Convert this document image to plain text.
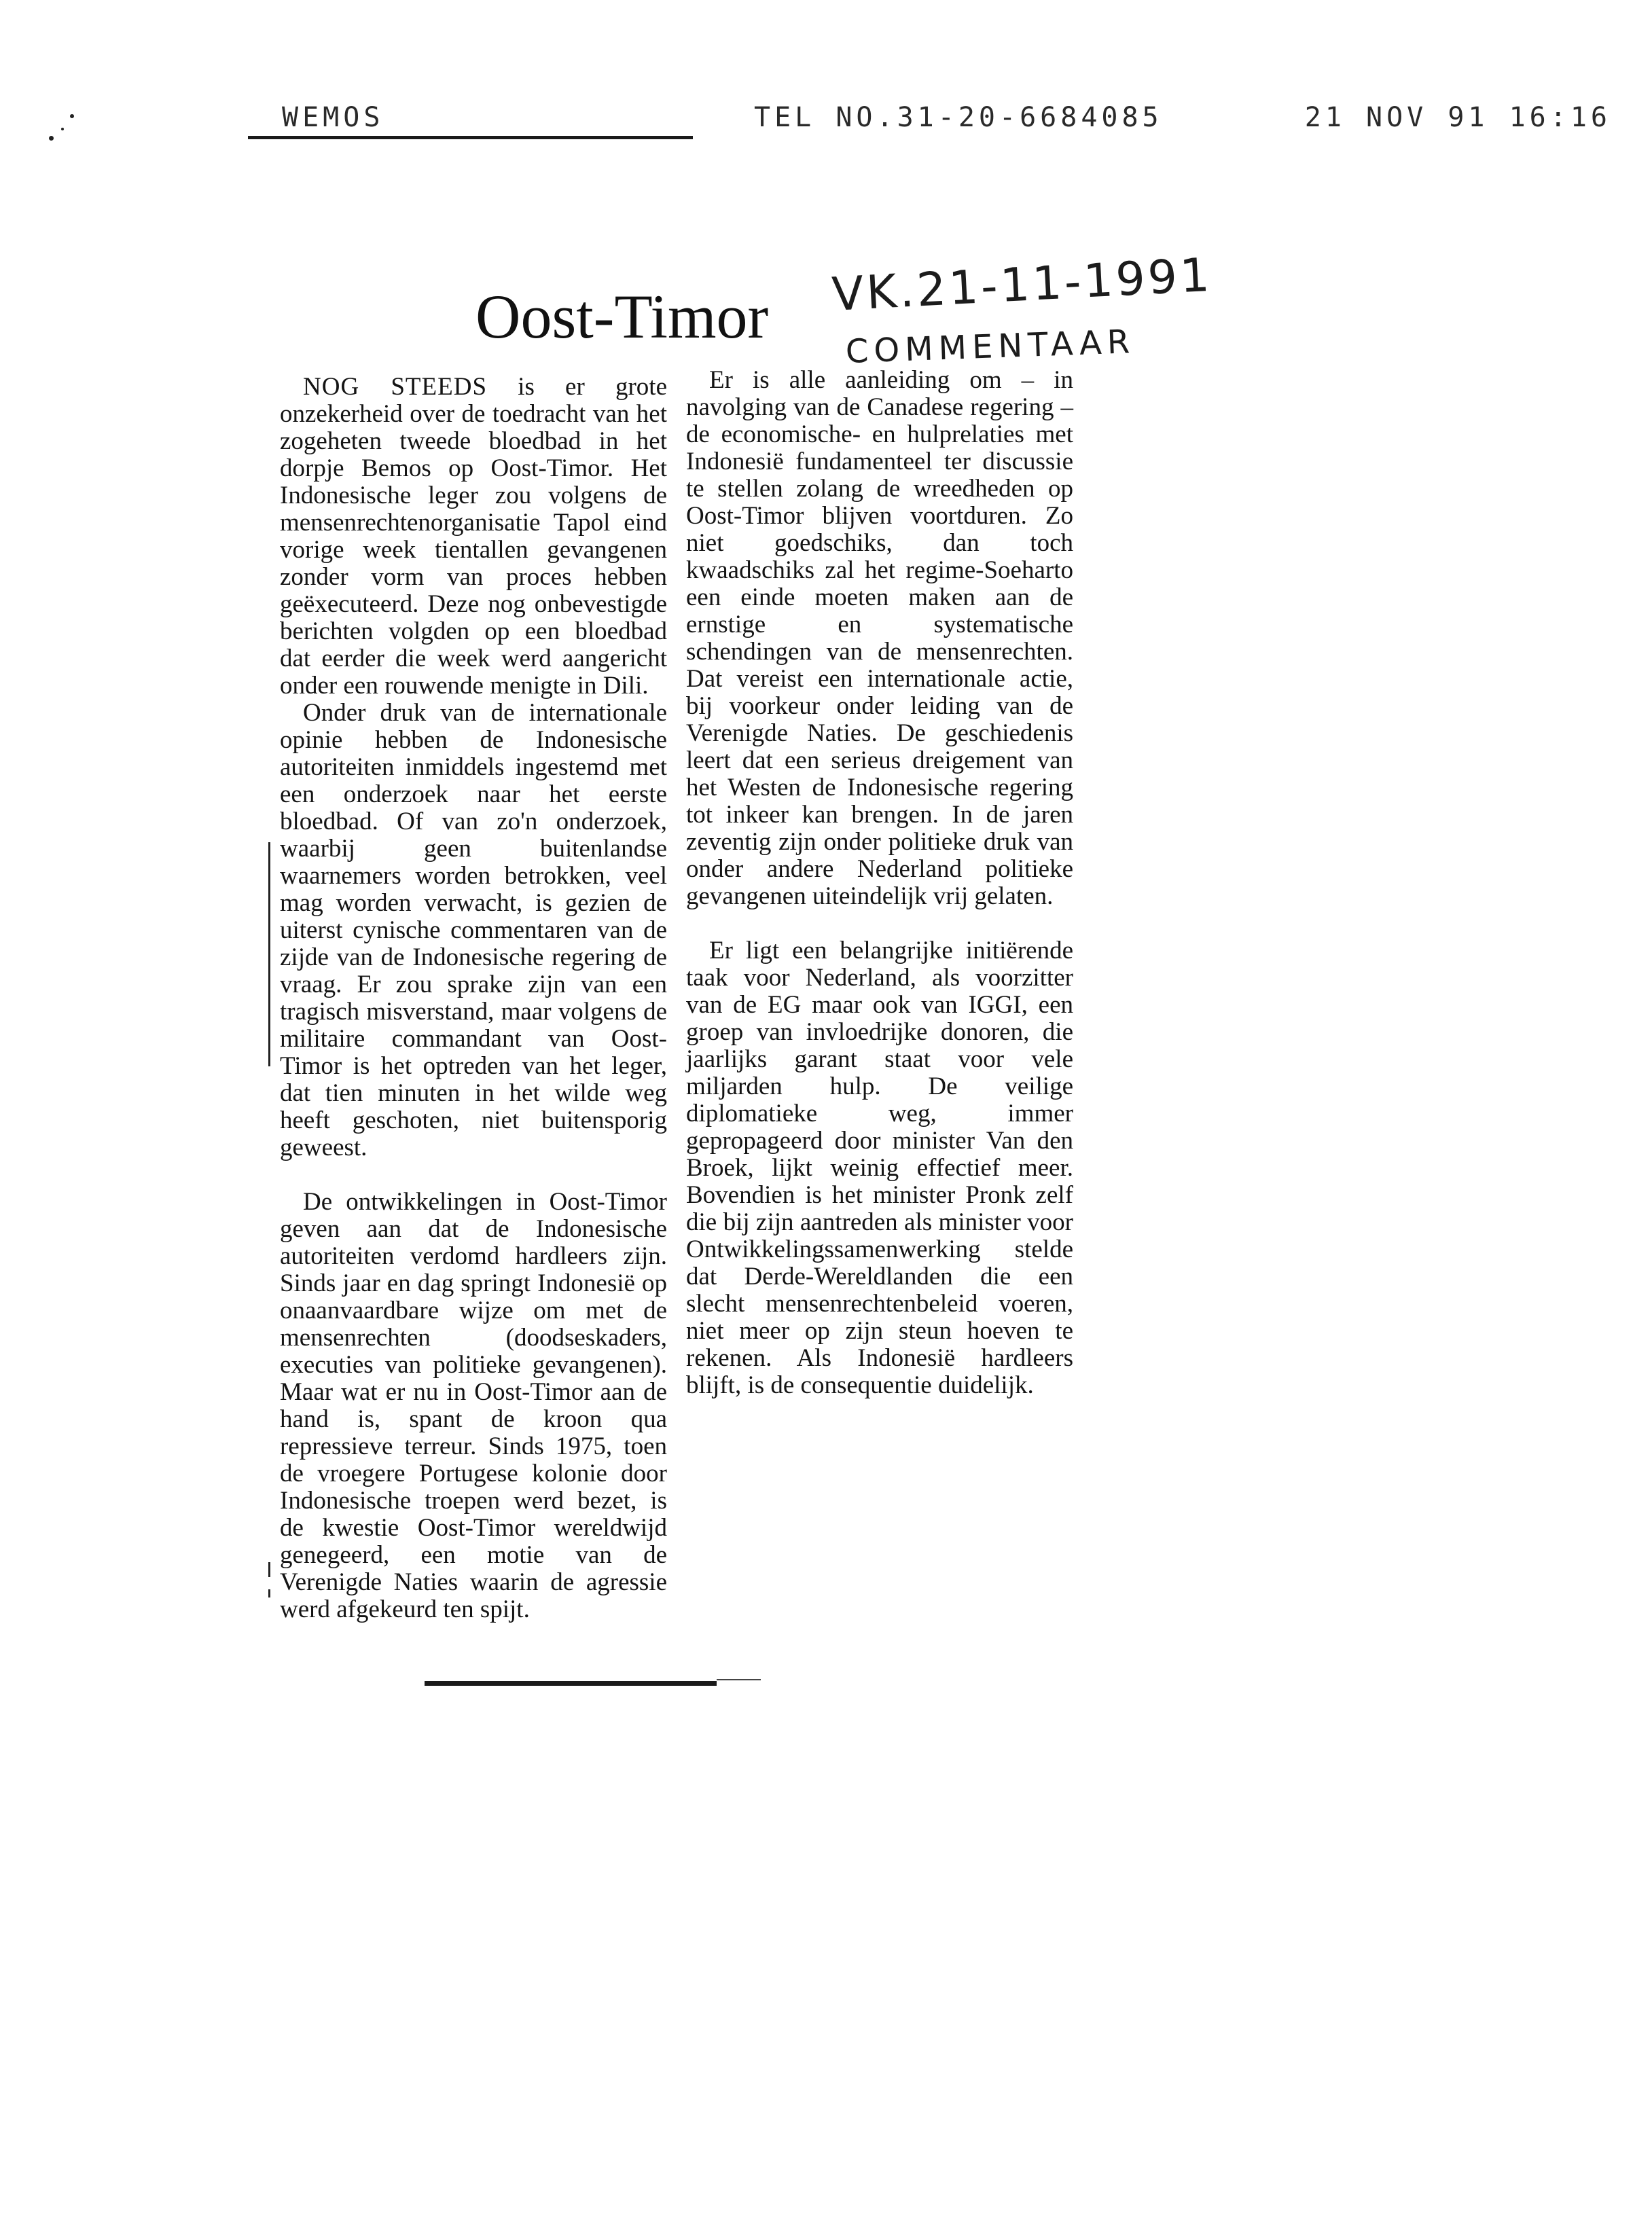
WEMOS	TEL NO.31-20-6684085	21 NOV 91 16:16
Oost-Timor VK.21-11-1991
COMMENTAAR

NOG STEEDS is er grote onzekerheid over de toedracht van het zogeheten tweede bloedbad in het dorpje Bemos op Oost-Timor. Het Indonesische leger zou volgens de mensenrechtenorganisatie Tapol eind vorige week tientallen gevangenen zonder vorm van proces hebben geëxecuteerd. Deze nog onbevestigde berichten volgden op een bloedbad dat eerder die week werd aangericht onder een rouwende menigte in Dili.

Onder druk van de internationale opinie hebben de Indonesische autoriteiten inmiddels ingestemd met een onderzoek naar het eerste bloedbad. Of van zo'n onderzoek, waarbij geen buitenlandse waarnemers worden betrokken, veel mag worden verwacht, is gezien de uiterst cynische commentaren van de zijde van de Indonesische regering de vraag. Er zou sprake zijn van een tragisch misverstand, maar volgens de militaire commandant van Oost-Timor is het optreden van het leger, dat tien minuten in het wilde weg heeft geschoten, niet buitensporig geweest.

De ontwikkelingen in Oost-Timor geven aan dat de Indonesische autoriteiten verdomd hardleers zijn. Sinds jaar en dag springt Indonesië op onaanvaardbare wijze om met de mensenrechten (doodseskaders, executies van politieke gevangenen). Maar wat er nu in Oost-Timor aan de hand is, spant de kroon qua repressieve terreur. Sinds 1975, toen de vroegere Portugese kolonie door Indonesische troepen werd bezet, is de kwestie Oost-Timor wereldwijd genegeerd, een motie van de Verenigde Naties waarin de agressie werd afgekeurd ten spijt.

Er is alle aanleiding om – in navolging van de Canadese regering – de economische- en hulprelaties met Indonesië fundamenteel ter discussie te stellen zolang de wreedheden op Oost-Timor blijven voortduren. Zo niet goedschiks, dan toch kwaadschiks zal het regime-Soeharto een einde moeten maken aan de ernstige en systematische schendingen van de mensenrechten. Dat vereist een internationale actie, bij voorkeur onder leiding van de Verenigde Naties. De geschiedenis leert dat een serieus dreigement van het Westen de Indonesische regering tot inkeer kan brengen. In de jaren zeventig zijn onder politieke druk van onder andere Nederland politieke gevangenen uiteindelijk vrij gelaten.

Er ligt een belangrijke initiërende taak voor Nederland, als voorzitter van de EG maar ook van IGGI, een groep van invloedrijke donoren, die jaarlijks garant staat voor vele miljarden hulp. De veilige diplomatieke weg, immer gepropageerd door minister Van den Broek, lijkt weinig effectief meer. Bovendien is het minister Pronk zelf die bij zijn aantreden als minister voor Ontwikkelingssamenwerking stelde dat Derde-Wereldlanden die een slecht mensenrechtenbeleid voeren, niet meer op zijn steun hoeven te rekenen. Als Indonesië hardleers blijft, is de consequentie duidelijk.
